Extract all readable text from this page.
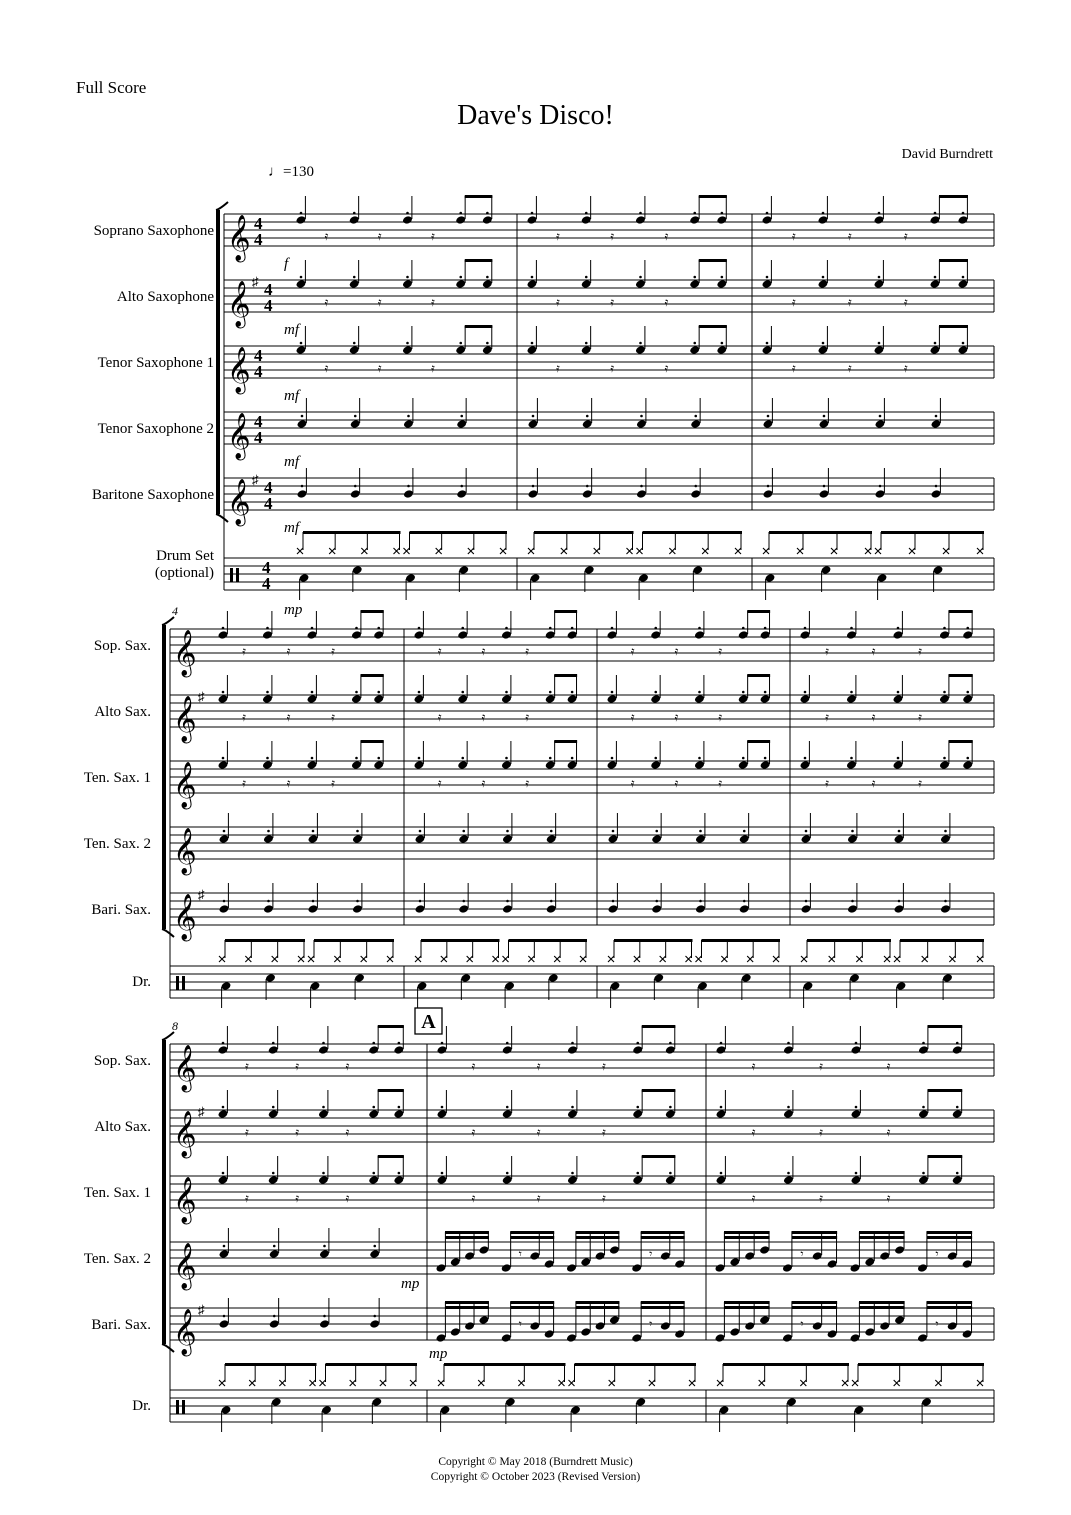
Full Score
Dave's Disco!
David Burndrett
♩=130
Soprano Saxophone 𝄞 4
4
f
Alto Saxophone 𝄞 ♯ 4
4
mf
Tenor Saxophone 1 𝄞 4
4
mf
Tenor Saxophone 2 𝄞 4
4
mf
Baritone Saxophone 𝄞 ♯ 4
4
mf
Drum Set
(optional)	4
4
mp
𝄿	𝄿	𝄿
𝄿	𝄿	𝄿
𝄿	𝄿	𝄿
𝄿	𝄿	𝄿
𝄿	𝄿	𝄿
𝄿	𝄿	𝄿
𝄿	𝄿	𝄿
𝄿	𝄿	𝄿
𝄿	𝄿	𝄿
4
Sop. Sax. 𝄞
Alto Sax. 𝄞 ♯
Ten. Sax. 1 𝄞
Ten. Sax. 2 𝄞
Bari. Sax. 𝄞 ♯
Dr.
𝄿	𝄿	𝄿
𝄿	𝄿	𝄿
𝄿	𝄿	𝄿
𝄿	𝄿	𝄿
𝄿	𝄿	𝄿
𝄿	𝄿	𝄿
𝄿	𝄿	𝄿
𝄿	𝄿	𝄿
𝄿	𝄿	𝄿
𝄿	𝄿	𝄿
𝄿	𝄿	𝄿
𝄿	𝄿	𝄿
8
Sop. Sax. 𝄞
Alto Sax. 𝄞 ♯
Ten. Sax. 1 𝄞
Ten. Sax. 2 𝄞
Bari. Sax. 𝄞 ♯
Dr.
𝄿	𝄿	𝄿
𝄿	𝄿	𝄿
𝄿	𝄿	𝄿
𝄿	𝄿	𝄿
𝄿	𝄿	𝄿
𝄿	𝄿	𝄿
𝄾	𝄾
𝄾	𝄾
𝄿	𝄿	𝄿
𝄿	𝄿	𝄿
𝄿	𝄿	𝄿
𝄾	𝄾
𝄾	𝄾
A
mp
mp
Copyright © May 2018 (Burndrett Music)
Copyright © October 2023 (Revised Version)
